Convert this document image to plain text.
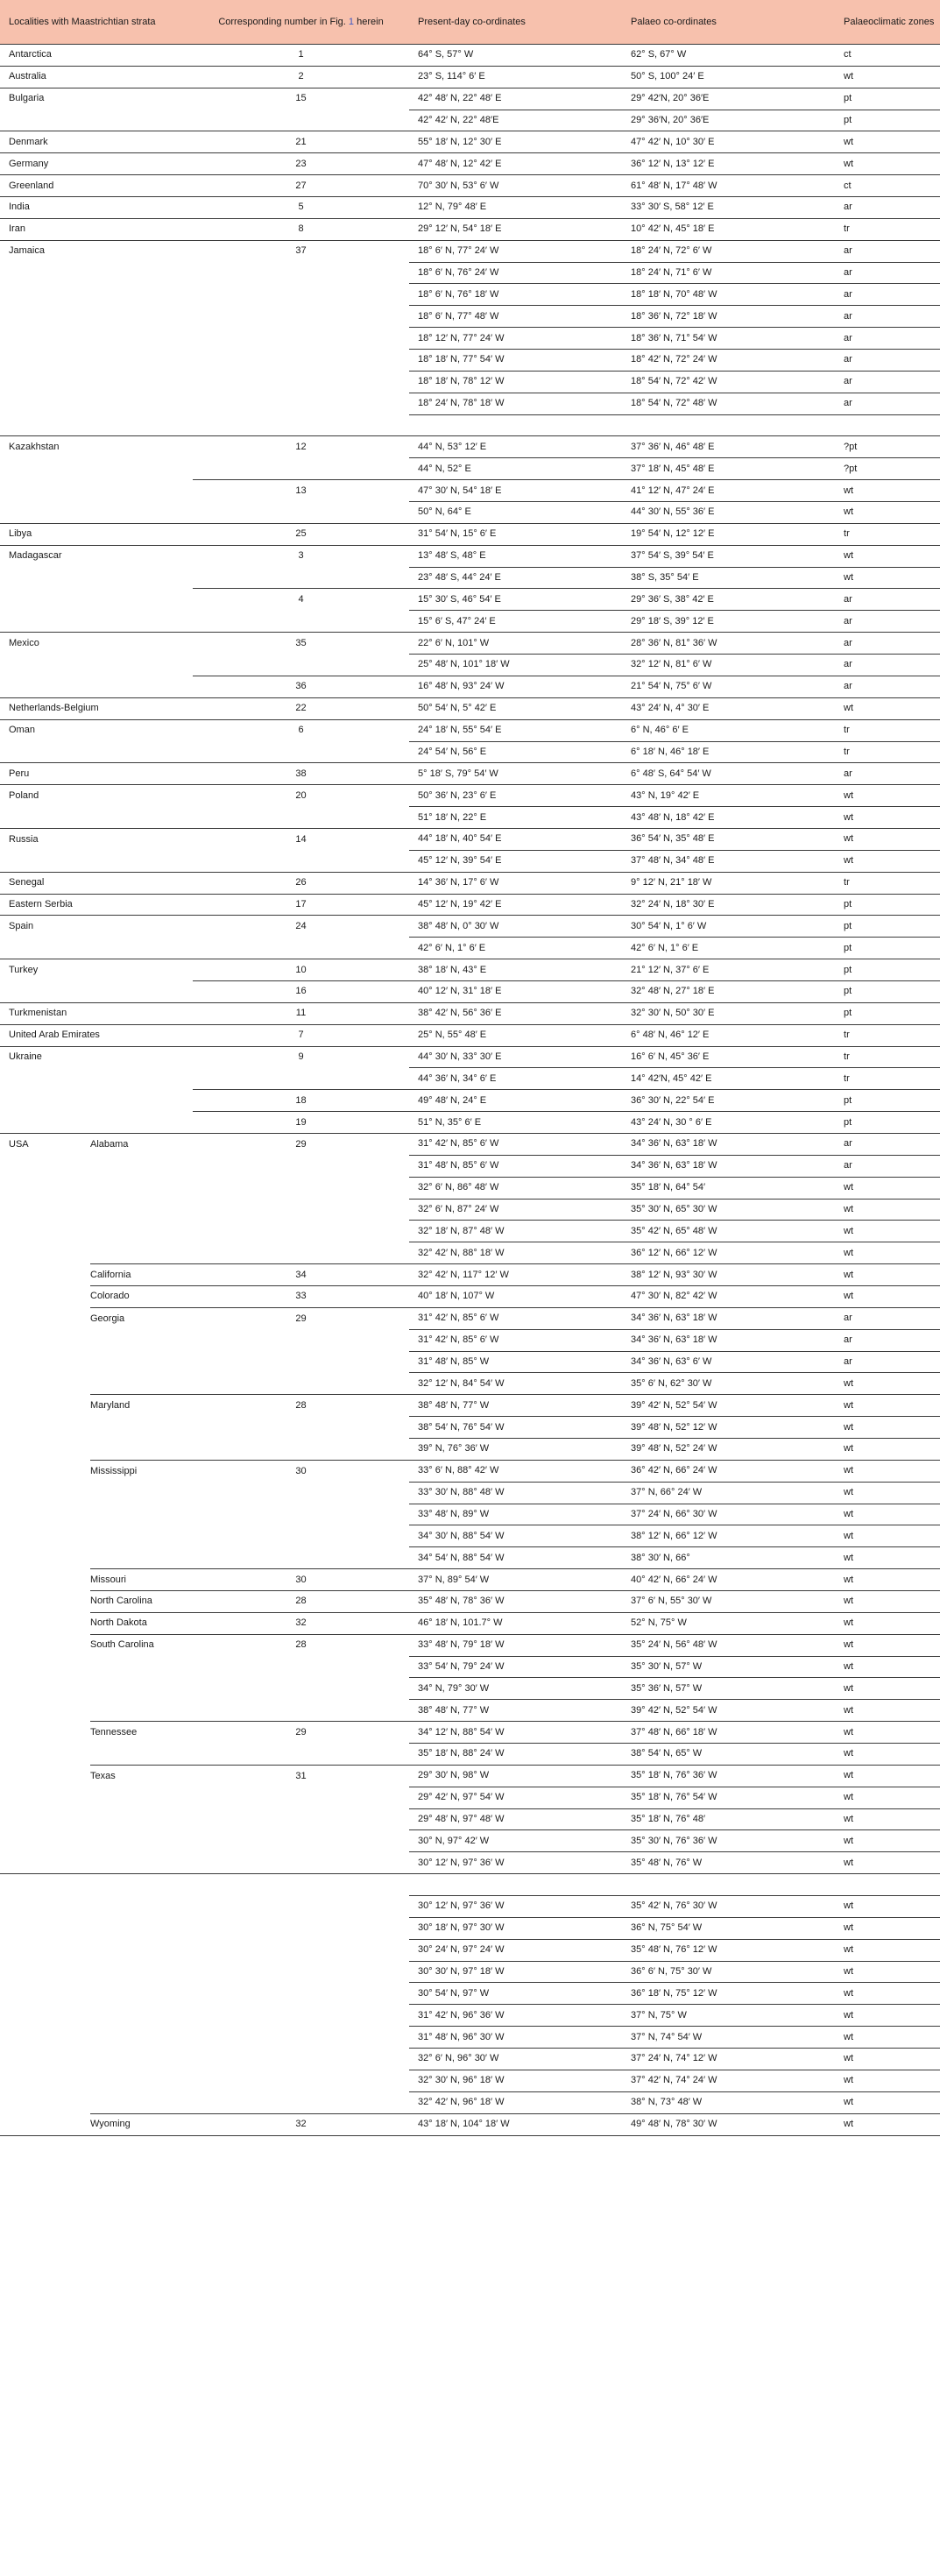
Localities with Maastrichtian strata		Corresponding number in Fig. 1 herein	Present-day co-ordinates	Palaeo co-ordinates	Palaeoclimatic zones
Antarctica		1	64° S, 57° W	62° S, 67° W	ct
Australia		2	23° S, 114° 6′ E	50° S, 100° 24′ E	wt
Bulgaria		15	42° 48′ N, 22° 48′ E	29° 42′N, 20° 36′E	pt
			42° 42′ N, 22° 48′E	29° 36′N, 20° 36′E	pt
Denmark		21	55° 18′ N, 12° 30′ E	47° 42′ N, 10° 30′ E	wt
Germany		23	47° 48′ N, 12° 42′ E	36° 12′ N, 13° 12′ E	wt
Greenland		27	70° 30′ N, 53° 6′ W	61° 48′ N, 17° 48′ W	ct
India		5	12° N, 79° 48′ E	33° 30′ S, 58° 12′ E	ar
Iran		8	29° 12′ N, 54° 18′ E	10° 42′ N, 45° 18′ E	tr
Jamaica		37	18° 6′ N, 77° 24′ W	18° 24′ N, 72° 6′ W	ar
			18° 6′ N, 76° 24′ W	18° 24′ N, 71° 6′ W	ar
			18° 6′ N, 76° 18′ W	18° 18′ N, 70° 48′ W	ar
			18° 6′ N, 77° 48′ W	18° 36′ N, 72° 18′ W	ar
			18° 12′ N, 77° 24′ W	18° 36′ N, 71° 54′ W	ar
			18° 18′ N, 77° 54′ W	18° 42′ N, 72° 24′ W	ar
			18° 18′ N, 78° 12′ W	18° 54′ N, 72° 42′ W	ar
			18° 24′ N, 78° 18′ W	18° 54′ N, 72° 48′ W	ar

Kazakhstan		12	44° N, 53° 12′ E	37° 36′ N, 46° 48′ E	?pt
			44° N, 52° E	37° 18′ N, 45° 48′ E	?pt
		13	47° 30′ N, 54° 18′ E	41° 12′ N, 47° 24′ E	wt
			50° N, 64° E	44° 30′ N, 55° 36′ E	wt
Libya		25	31° 54′ N, 15° 6′ E	19° 54′ N, 12° 12′ E	tr
Madagascar		3	13° 48′ S, 48° E	37° 54′ S, 39° 54′ E	wt
			23° 48′ S, 44° 24′ E	38° S, 35° 54′ E	wt
		4	15° 30′ S, 46° 54′ E	29° 36′ S, 38° 42′ E	ar
			15° 6′ S, 47° 24′ E	29° 18′ S, 39° 12′ E	ar
Mexico		35	22° 6′ N, 101° W	28° 36′ N, 81° 36′ W	ar
			25° 48′ N, 101° 18′ W	32° 12′ N, 81° 6′ W	ar
		36	16° 48′ N, 93° 24′ W	21° 54′ N, 75° 6′ W	ar
Netherlands-Belgium		22	50° 54′ N, 5° 42′ E	43° 24′ N, 4° 30′ E	wt
Oman		6	24° 18′ N, 55° 54′ E	6° N, 46° 6′ E	tr
			24° 54′ N, 56° E	6° 18′ N, 46° 18′ E	tr
Peru		38	5° 18′ S, 79° 54′ W	6° 48′ S, 64° 54′ W	ar
Poland		20	50° 36′ N, 23° 6′ E	43° N, 19° 42′ E	wt
			51° 18′ N, 22° E	43° 48′ N, 18° 42′ E	wt
Russia		14	44° 18′ N, 40° 54′ E	36° 54′ N, 35° 48′ E	wt
			45° 12′ N, 39° 54′ E	37° 48′ N, 34° 48′ E	wt
Senegal		26	14° 36′ N, 17° 6′ W	9° 12′ N, 21° 18′ W	tr
Eastern Serbia		17	45° 12′ N, 19° 42′ E	32° 24′ N, 18° 30′ E	pt
Spain		24	38° 48′ N, 0° 30′ W	30° 54′ N, 1° 6′ W	pt
			42° 6′ N, 1° 6′ E	42° 6′ N, 1° 6′ E	pt
Turkey		10	38° 18′ N, 43° E	21° 12′ N, 37° 6′ E	pt
		16	40° 12′ N, 31° 18′ E	32° 48′ N, 27° 18′ E	pt
Turkmenistan		11	38° 42′ N, 56° 36′ E	32° 30′ N, 50° 30′ E	pt
United Arab Emirates		7	25° N, 55° 48′ E	6° 48′ N, 46° 12′ E	tr
Ukraine		9	44° 30′ N, 33° 30′ E	16° 6′ N, 45° 36′ E	tr
			44° 36′ N, 34° 6′ E	14° 42′N, 45° 42′ E	tr
		18	49° 48′ N, 24° E	36° 30′ N, 22° 54′ E	pt
		19	51° N, 35° 6′ E	43° 24′ N, 30 ° 6′ E	pt
USA	Alabama	29	31° 42′ N, 85° 6′ W	34° 36′ N, 63° 18′ W	ar
			31° 48′ N, 85° 6′ W	34° 36′ N, 63° 18′ W	ar
			32° 6′ N, 86° 48′ W	35° 18′ N, 64° 54′	wt
			32° 6′ N, 87° 24′ W	35° 30′ N, 65° 30′ W	wt
			32° 18′ N, 87° 48′ W	35° 42′ N, 65° 48′ W	wt
			32° 42′ N, 88° 18′ W	36° 12′ N, 66° 12′ W	wt
	California	34	32° 42′ N, 117° 12′ W	38° 12′ N, 93° 30′ W	wt
	Colorado	33	40° 18′ N, 107° W	47° 30′ N, 82° 42′ W	wt
	Georgia	29	31° 42′ N, 85° 6′ W	34° 36′ N, 63° 18′ W	ar
			31° 42′ N, 85° 6′ W	34° 36′ N, 63° 18′ W	ar
			31° 48′ N, 85° W	34° 36′ N, 63° 6′ W	ar
			32° 12′ N, 84° 54′ W	35° 6′ N, 62° 30′ W	wt
	Maryland	28	38° 48′ N, 77° W	39° 42′ N, 52° 54′ W	wt
			38° 54′ N, 76° 54′ W	39° 48′ N, 52° 12′ W	wt
			39° N, 76° 36′ W	39° 48′ N, 52° 24′ W	wt
	Mississippi	30	33° 6′ N, 88° 42′ W	36° 42′ N, 66° 24′ W	wt
			33° 30′ N, 88° 48′ W	37° N, 66° 24′ W	wt
			33° 48′ N, 89° W	37° 24′ N, 66° 30′ W	wt
			34° 30′ N, 88° 54′ W	38° 12′ N, 66° 12′ W	wt
			34° 54′ N, 88° 54′ W	38° 30′ N, 66°	wt
	Missouri	30	37° N, 89° 54′ W	40° 42′ N, 66° 24′ W	wt
	North Carolina	28	35° 48′ N, 78° 36′ W	37° 6′ N, 55° 30′ W	wt
	North Dakota	32	46° 18′ N, 101.7° W	52° N, 75° W	wt
	South Carolina	28	33° 48′ N, 79° 18′ W	35° 24′ N, 56° 48′ W	wt
			33° 54′ N, 79° 24′ W	35° 30′ N, 57° W	wt
			34° N, 79° 30′ W	35° 36′ N, 57° W	wt
			38° 48′ N, 77° W	39° 42′ N, 52° 54′ W	wt
	Tennessee	29	34° 12′ N, 88° 54′ W	37° 48′ N, 66° 18′ W	wt
			35° 18′ N, 88° 24′ W	38° 54′ N, 65° W	wt
	Texas	31	29° 30′ N, 98° W	35° 18′ N, 76° 36′ W	wt
			29° 42′ N, 97° 54′ W	35° 18′ N, 76° 54′ W	wt
			29° 48′ N, 97° 48′ W	35° 18′ N, 76° 48′	wt
			30° N, 97° 42′ W	35° 30′ N, 76° 36′ W	wt
			30° 12′ N, 97° 36′ W	35° 48′ N, 76° W	wt

			30° 12′ N, 97° 36′ W	35° 42′ N, 76° 30′ W	wt
			30° 18′ N, 97° 30′ W	36° N, 75° 54′ W	wt
			30° 24′ N, 97° 24′ W	35° 48′ N, 76° 12′ W	wt
			30° 30′ N, 97° 18′ W	36° 6′ N, 75° 30′ W	wt
			30° 54′ N, 97° W	36° 18′ N, 75° 12′ W	wt
			31° 42′ N, 96° 36′ W	37° N, 75° W	wt
			31° 48′ N, 96° 30′ W	37° N, 74° 54′ W	wt
			32° 6′ N, 96° 30′ W	37° 24′ N, 74° 12′ W	wt
			32° 30′ N, 96° 18′ W	37° 42′ N, 74° 24′ W	wt
			32° 42′ N, 96° 18′ W	38° N, 73° 48′ W	wt
	Wyoming	32	43° 18′ N, 104° 18′ W	49° 48′ N, 78° 30′ W	wt
